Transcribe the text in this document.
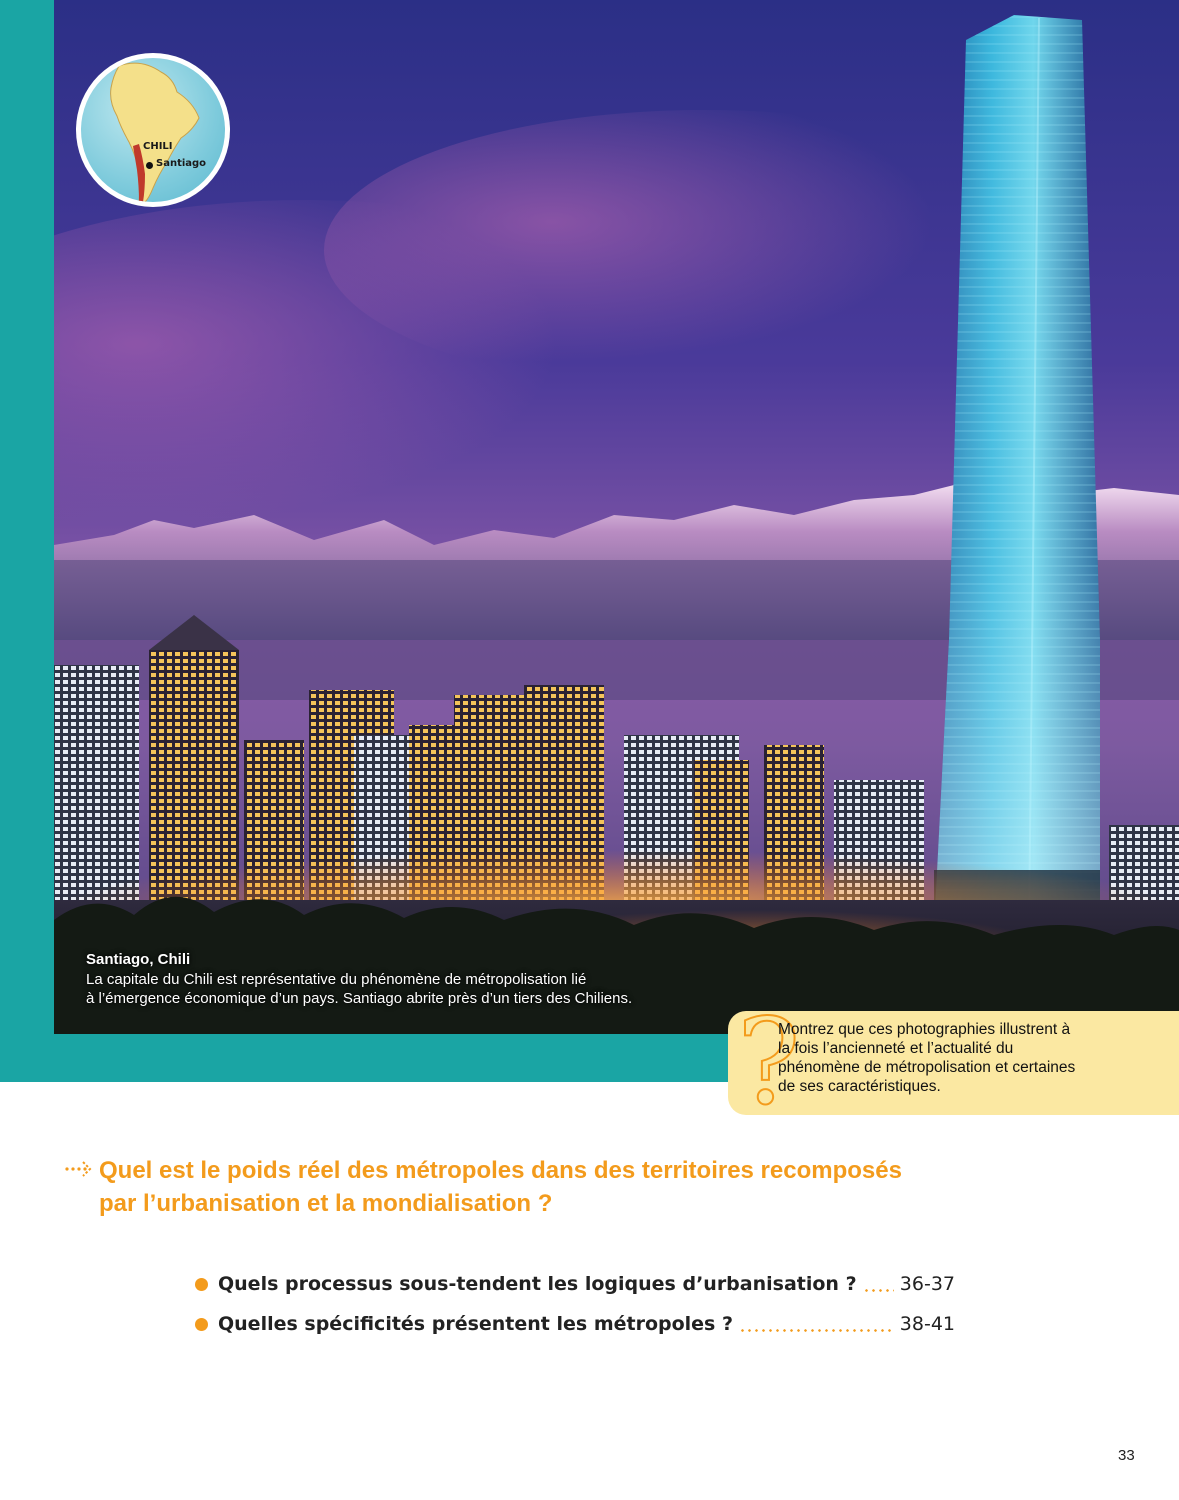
CHILI
Santiago
Santiago, Chili
La capitale du Chili est représentative du phénomène de métropolisation lié
à l’émergence économique d’un pays. Santiago abrite près d’un tiers des Chiliens. ?
Montrez que ces photographies illustrent à
la fois l’ancienneté et l’actualité du
phénomène de métropolisation et certaines
de ses caractéristiques.
Quel est le poids réel des métropoles dans des territoires recomposés
par l’urbanisation et la mondialisation ?
Quels processus sous-tendent les logiques d’urbanisation ? 36-37
Quelles spécificités présentent les métropoles ?	38-41
33
